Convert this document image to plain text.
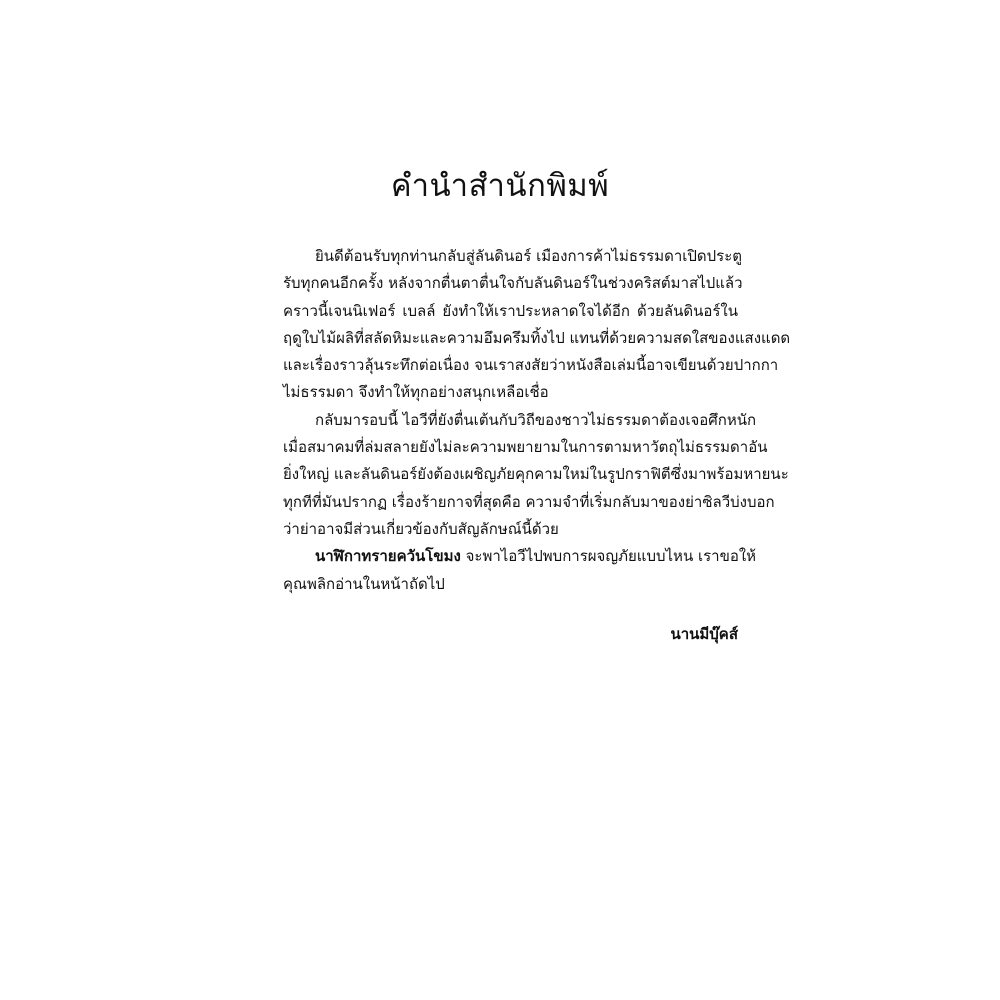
คำนำสำนักพิมพ์
ยินดีต้อนรับทุกท่านกลับสู่ลันดินอร์ เมืองการค้าไม่ธรรมดาเปิดประตู
รับทุกคนอีกครั้ง หลังจากตื่นตาตื่นใจกับลันดินอร์ในช่วงคริสต์มาสไปแล้ว
คราวนี้เจนนิเฟอร์ เบลล์ ยังทำให้เราประหลาดใจได้อีก ด้วยลันดินอร์ใน
ฤดูใบไม้ผลิที่สลัดหิมะและความอึมครึมทิ้งไป แทนที่ด้วยความสดใสของแสงแดด
และเรื่องราวลุ้นระทึกต่อเนื่อง จนเราสงสัยว่าหนังสือเล่มนี้อาจเขียนด้วยปากกา
ไม่ธรรมดา จึงทำให้ทุกอย่างสนุกเหลือเชื่อ
กลับมารอบนี้ ไอวีที่ยังตื่นเต้นกับวิถีของชาวไม่ธรรมดาต้องเจอศึกหนัก
เมื่อสมาคมที่ล่มสลายยังไม่ละความพยายามในการตามหาวัตถุไม่ธรรมดาอัน
ยิ่งใหญ่ และลันดินอร์ยังต้องเผชิญภัยคุกคามใหม่ในรูปกราฟิตีซึ่งมาพร้อมหายนะ
ทุกทีที่มันปรากฏ เรื่องร้ายกาจที่สุดคือ ความจำที่เริ่มกลับมาของย่าซิลวีบ่งบอก
ว่าย่าอาจมีส่วนเกี่ยวข้องกับสัญลักษณ์นี้ด้วย
นาฬิกาทรายควันโขมง จะพาไอวีไปพบการผจญภัยแบบไหน เราขอให้
คุณพลิกอ่านในหน้าถัดไป
นานมีบุ๊คส์
